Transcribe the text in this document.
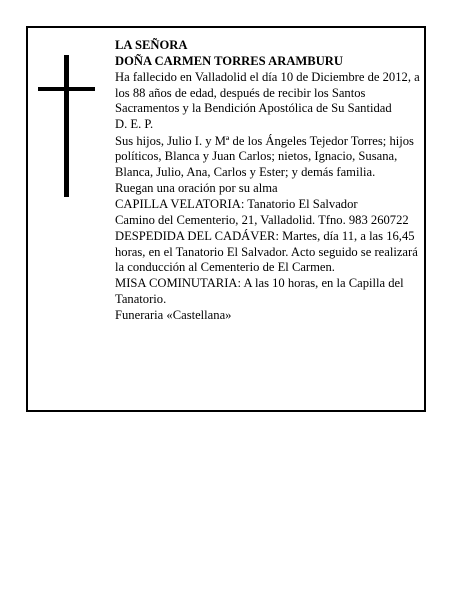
LA SEÑORA

DOÑA CARMEN TORRES ARAMBURU

Ha fallecido en Valladolid el día 10 de Diciembre de 2012, a los 88 años de edad, después de recibir los Santos Sacramentos y la Bendición Apostólica de Su Santidad

D. E. P.

Sus hijos, Julio I. y Mª de los Ángeles Tejedor Torres; hijos políticos, Blanca y Juan Carlos; nietos, Ignacio, Susana, Blanca, Julio, Ana, Carlos y Ester; y demás familia.

Ruegan una oración por su alma

CAPILLA VELATORIA: Tanatorio El Salvador

Camino del Cementerio, 21, Valladolid. Tfno. 983 260722

DESPEDIDA DEL CADÁVER: Martes, día 11, a las 16,45 horas, en el Tanatorio El Salvador. Acto seguido se realizará la conducción al Cementerio de El Carmen.

MISA COMINUTARIA: A las 10 horas, en la Capilla del Tanatorio.

Funeraria «Castellana»
